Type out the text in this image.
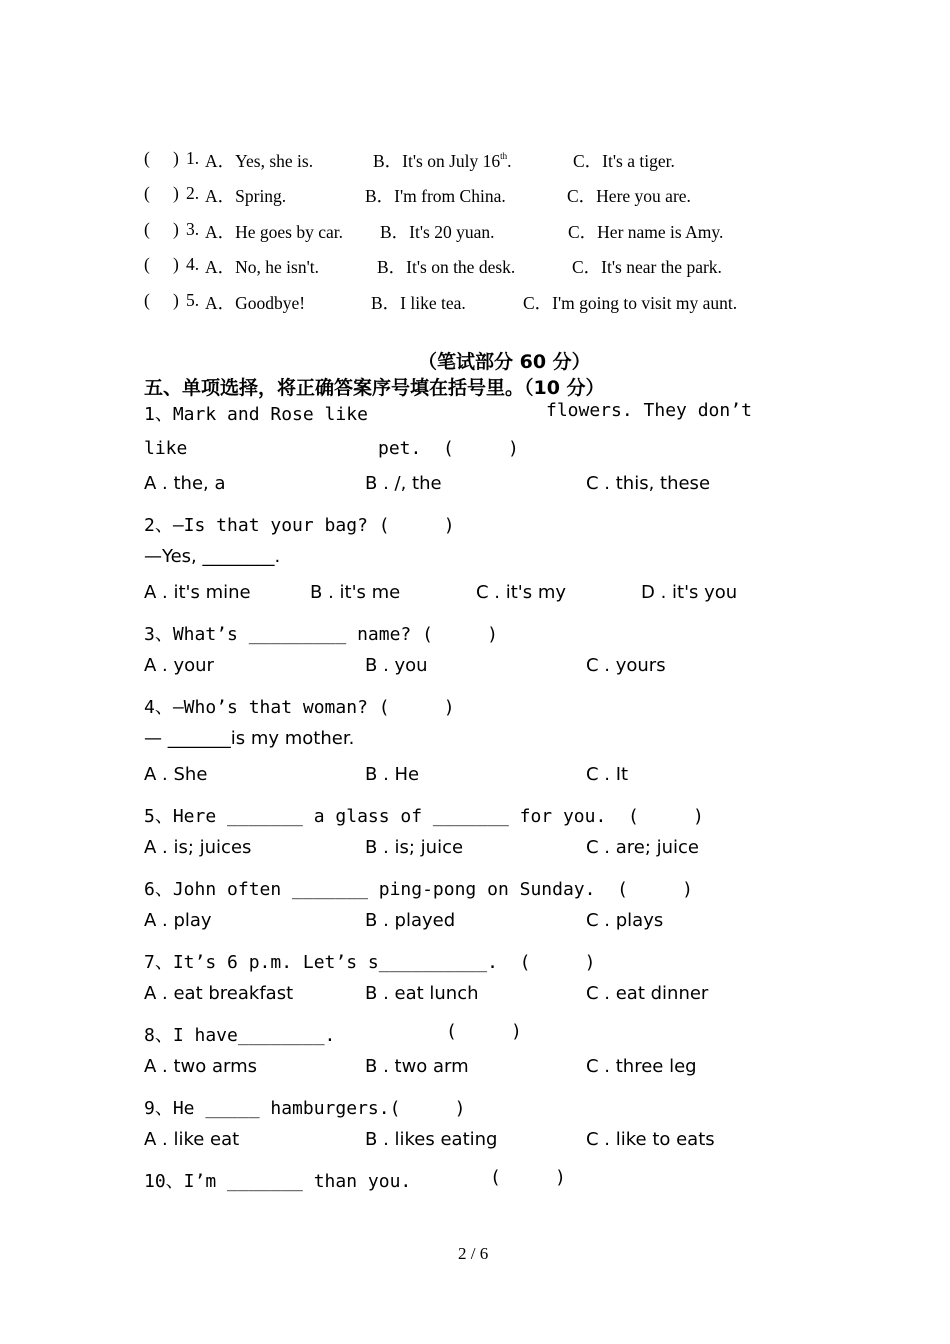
( ) 1. A．Yes, she is.	B．It's on July 16th.	C．It's a tiger.
( ) 2. A．Spring.	B．I'm from China.	C．Here you are.
( ) 3. A．He goes by car. B．It's 20 yuan.	C．Her name is Amy.
( ) 4. A．No, he isn't.	B．It's on the desk.	C．It's near the park.
( ) 5. A．Goodbye!	B．I like tea.	C．I'm going to visit my aunt.
（笔试部分 60 分）
五、单项选择，将正确答案序号填在括号里。（10 分）
1、Mark and Rose like	flowers. They don’t
like	pet.  (     )
A . the, a	B . /, the	C . this, these
2、—Is that your bag? (     )
—Yes, ________.
A . it's mine	B . it's me	C . it's my	D . it's you
3、What’s _________ name? (     )
A . your	B . you	C . yours
4、—Who’s that woman? (     )
— _______is my mother.
A . She	B . He	C . It
5、Here _______ a glass of _______ for you.  (     )
A . is; juices	B . is; juice	C . are; juice
6、John often _______ ping-pong on Sunday.  (     )
A . play	B . played	C . plays
7、It’s 6 p.m. Let’s s__________.  (     )
A . eat breakfast	B . eat lunch	C . eat dinner
8、I have________.	(     )
A . two arms	B . two arm	C . three leg
9、He _____ hamburgers.(     )
A . like eat	B . likes eating	C . like to eats
10、I’m _______ than you.	(     )
2 / 6
